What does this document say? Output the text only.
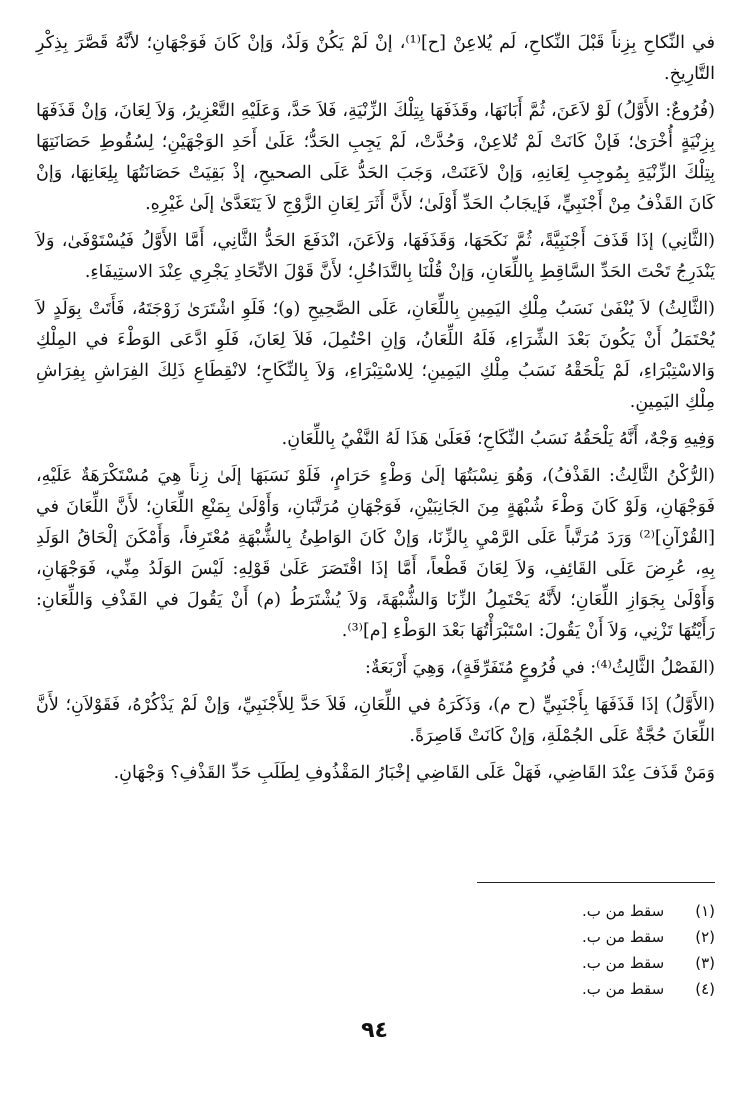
في النِّكاحِ بِزِناً قَبْلَ النِّكاحِ، لَم يُلاعِنْ [ح]⁽¹⁾، إنْ لَمْ يَكُنْ وَلَدٌ، وَإنْ كَانَ فَوَجْهَانِ؛ لأنَّهُ قَصَّرَ بِذِكْرِ التَّارِيخِ.

(فُرُوعٌ: الأَوَّلُ) لَوْ لاَعَنَ، ثُمَّ أَبَانَهَا، وقَذَفَهَا بِتِلْكَ الزِّنْيَةِ، فَلاَ حَدَّ، وَعَلَيْهِ التَّعْزِيرُ، وَلاَ لِعَانَ، وَإنْ قَذَفَهَا بِزِنْيَةٍ أُخْرَىٰ؛ فَإنْ كَانَتْ لَمْ تُلاعِنْ، وَحُدَّتْ، لَمْ يَجِبِ الحَدُّ؛ عَلَىٰ أَحَدِ الوَجْهَيْنِ؛ لِسُقُوطِ حَصَانَتِهَا بِتِلْكَ الزِّنْيَةِ بِمُوجِبِ لِعَانِهِ، وَإنْ لاَعَنَتْ، وَجَبَ الحَدُّ عَلَى الصحيحِ، إذْ بَقِيَتْ حَصَانَتُهَا بِلِعَانِهَا، وَإنْ كَانَ القَذْفُ مِنْ أَجْنَبِيٍّ، فَإيجَابُ الحَدِّ أَوْلَىٰ؛ لأَنَّ أَثَرَ لِعَانِ الزَّوْجِ لاَ يَتَعَدَّىٰ إلَىٰ غَيْرِهِ.

(الثَّانِي) إذَا قَذَفَ أَجْنَبِيَّةً، ثُمَّ نَكَحَهَا، وَقَذَفَهَا، وَلاَعَنَ، انْدَفَعَ الحَدُّ الثَّانِي، أَمَّا الأَوَّلُ فَيُسْتَوْفَىٰ، وَلاَ يَنْدَرِجُ تَحْتَ الحَدِّ السَّاقِطِ بِاللِّعَانِ، وَإنْ قُلْنَا بِالتَّدَاخُلِ؛ لأَنَّ قَوْلَ الاتِّحَادِ يَجْرِي عِنْدَ الاستِيفَاءِ.

(الثَّالِثُ) لاَ يُنْفَىٰ نَسَبُ مِلْكِ اليَمِينِ بِاللِّعَانِ، عَلَى الصَّحِيحِ (و)؛ فَلَوِ اشْتَرَىٰ زَوْجَتَهُ، فَأَتَتْ بِوَلَدٍ لاَ يُحْتَمَلُ أَنْ يَكُونَ بَعْدَ الشِّرَاءِ، فَلَهُ اللِّعَانُ، وَإنِ احْتُمِلَ، فَلاَ لِعَانَ، فَلَوِ ادَّعَى الوَطْءَ في المِلْكِ وَالاسْتِبْرَاءِ، لَمْ يَلْحَقْهُ نَسَبُ مِلْكِ اليَمِينِ؛ لِلاسْتِبْرَاءِ، وَلاَ بِالنِّكَاحِ؛ لانْقِطَاعِ ذَلِكَ الفِرَاشِ بِفِرَاشِ مِلْكِ اليَمِينِ.

وَفِيهِ وَجْهٌ، أَنَّهُ يَلْحَقُهُ نَسَبُ النِّكَاحِ؛ فَعَلَىٰ هَذَا لَهُ النَّفْيُ بِاللِّعَانِ.

(الرُّكْنُ الثَّالِثُ: القَذْفُ)، وَهُوَ نِسْبَتُهَا إلَىٰ وَطْءٍ حَرَامٍ، فَلَوْ نَسَبَهَا إلَىٰ زِناً هِيَ مُسْتَكْرَهَةٌ عَلَيْهِ، فَوَجْهَانِ، وَلَوْ كَانَ وَطْءَ شُبْهَةٍ مِنَ الجَانِبَيْنِ، فَوَجْهَانِ مُرَتَّبَانِ، وَأَوْلَىٰ بِمَنْعِ اللِّعَانِ؛ لأَنَّ اللِّعَانَ في [القُرْآنِ]⁽²⁾ وَرَدَ مُرَتَّباً عَلَى الرَّمْيِ بِالزِّنَا، وَإنْ كَانَ الوَاطِئُ بِالشُّبْهَةِ مُعْتَرِفاً، وَأَمْكَنَ إلْحَاقُ الوَلَدِ بِهِ، عُرِضَ عَلَى القَائِفِ، وَلاَ لِعَانَ قَطْعاً، أَمَّا إذَا اقْتَصَرَ عَلَىٰ قَوْلِهِ: لَيْسَ الوَلَدُ مِنِّي، فَوَجْهَانِ، وَأَوْلَىٰ بِجَوَازِ اللِّعَانِ؛ لأَنَّهُ يَحْتَمِلُ الزِّنَا وَالشُّبْهَةَ، وَلاَ يُشْتَرَطُ (م) أَنْ يَقُولَ في القَذْفِ وَاللِّعَانِ: رَأَيْتُهَا تَزْنِي، وَلاَ أَنْ يَقُولَ: اسْتَبْرَأْتُهَا بَعْدَ الوَطْءِ [م]⁽³⁾.

(الفَصْلُ الثَّالِثُ⁽⁴⁾: في فُرُوعٍ مُتَفَرِّقَةٍ)، وَهِيَ أَرْبَعَةٌ:

(الأَوَّلُ) إذَا قَذَفَهَا بِأَجْنَبِيٍّ (ح م)، وَذَكَرَهُ في اللِّعَانِ، فَلاَ حَدَّ لِلأَجْنَبِيِّ، وَإنْ لَمْ يَذْكُرْهُ، فَقَوْلاَنِ؛ لأَنَّ اللِّعَانَ حُجَّةٌ عَلَى الجُمْلَةِ، وَإنْ كَانَتْ قَاصِرَةً.

وَمَنْ قَذَفَ عِنْدَ القَاضِي، فَهَلْ عَلَى القَاضِي إخْبَارُ المَقْذُوفِ لِطَلَبِ حَدِّ القَذْفِ؟ وَجْهَانِ.

(١) سقط من ب.
(٢) سقط من ب.
(٣) سقط من ب.
(٤) سقط من ب.
٩٤
